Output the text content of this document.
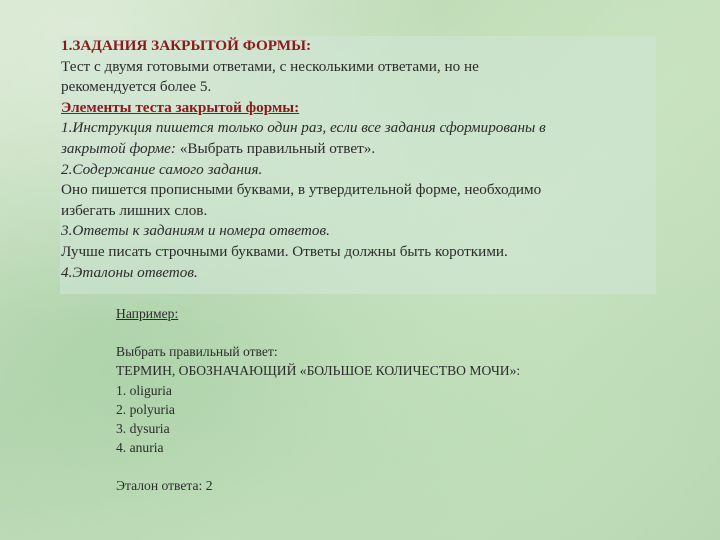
1.ЗАДАНИЯ ЗАКРЫТОЙ ФОРМЫ:
Тест с двумя готовыми ответами, с несколькими ответами, но не
рекомендуется более 5.
Элементы теста закрытой формы:
1.Инструкция пишется только один раз, если все задания сформированы в
закрытой форме: «Выбрать правильный ответ».
2.Содержание самого задания.
Оно пишется прописными буквами, в утвердительной форме, необходимо
избегать лишних слов.
3.Ответы к заданиям и номера ответов.
Лучше писать строчными буквами. Ответы должны быть короткими.
4.Эталоны ответов.
Например:
Выбрать правильный ответ:
ТЕРМИН, ОБОЗНАЧАЮЩИЙ «БОЛЬШОЕ КОЛИЧЕСТВО МОЧИ»:
1. oliguria
2. polyuria
3. dysuria
4. anuria
Эталон ответа: 2
